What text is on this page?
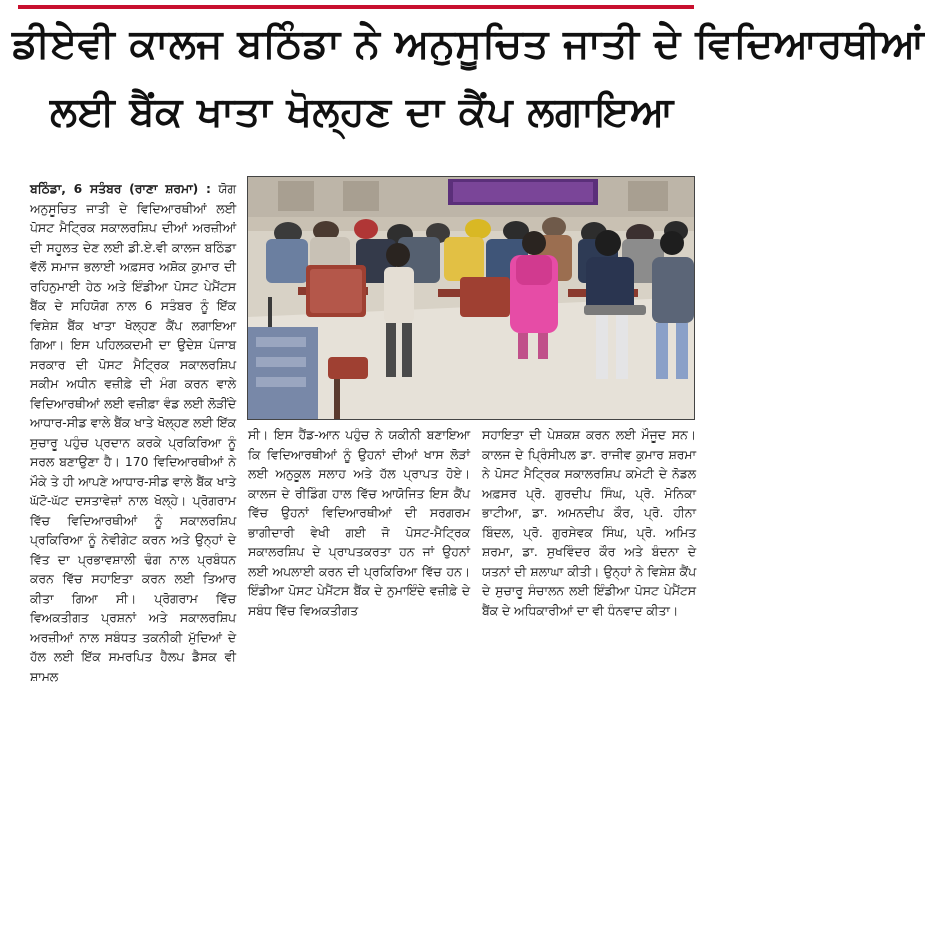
ਡੀਏਵੀ ਕਾਲਜ ਬਠਿੰਡਾ ਨੇ ਅਨੁਸੂਚਿਤ ਜਾਤੀ ਦੇ ਵਿਦਿਆਰਥੀਆਂ
ਲਈ ਬੈਂਕ ਖਾਤਾ ਖੋਲ੍ਹਣ ਦਾ ਕੈਂਪ ਲਗਾਇਆ

ਬਠਿੰਡਾ, 6 ਸਤੰਬਰ (ਰਾਣਾ ਸ਼ਰਮਾ) : ਯੋਗ ਅਨੁਸੂਚਿਤ ਜਾਤੀ ਦੇ ਵਿਦਿਆਰਥੀਆਂ ਲਈ ਪੋਸਟ ਮੈਟ੍ਰਿਕ ਸਕਾਲਰਸ਼ਿਪ ਦੀਆਂ ਅਰਜ਼ੀਆਂ ਦੀ ਸਹੂਲਤ ਦੇਣ ਲਈ ਡੀ.ਏ.ਵੀ ਕਾਲਜ ਬਠਿੰਡਾ ਵੱਲੋਂ ਸਮਾਜ ਭਲਾਈ ਅਫ਼ਸਰ ਅਸ਼ੋਕ ਕੁਮਾਰ ਦੀ ਰਹਿਨੁਮਾਈ ਹੇਠ ਅਤੇ ਇੰਡੀਆ ਪੋਸਟ ਪੇਮੈਂਟਸ ਬੈਂਕ ਦੇ ਸਹਿਯੋਗ ਨਾਲ 6 ਸਤੰਬਰ ਨੂੰ ਇੱਕ ਵਿਸ਼ੇਸ਼ ਬੈਂਕ ਖਾਤਾ ਖੋਲ੍ਹਣ ਕੈਂਪ ਲਗਾਇਆ ਗਿਆ। ਇਸ ਪਹਿਲਕਦਮੀ ਦਾ ਉਦੇਸ਼ ਪੰਜਾਬ ਸਰਕਾਰ ਦੀ ਪੋਸਟ ਮੈਟ੍ਰਿਕ ਸਕਾਲਰਸ਼ਿਪ ਸਕੀਮ ਅਧੀਨ ਵਜ਼ੀਫ਼ੇ ਦੀ ਮੰਗ ਕਰਨ ਵਾਲੇ ਵਿਦਿਆਰਥੀਆਂ ਲਈ ਵਜ਼ੀਫ਼ਾ ਵੰਡ ਲਈ ਲੋੜੀਂਦੇ ਆਧਾਰ-ਸੀਡ ਵਾਲੇ ਬੈਂਕ ਖਾਤੇ ਖੋਲ੍ਹਣ ਲਈ ਇੱਕ ਸੁਚਾਰੂ ਪਹੁੰਚ ਪ੍ਰਦਾਨ ਕਰਕੇ ਪ੍ਰਕਿਰਿਆ ਨੂੰ ਸਰਲ ਬਣਾਉਣਾ ਹੈ। 170 ਵਿਦਿਆਰਥੀਆਂ ਨੇ ਮੌਕੇ ਤੇ ਹੀ ਆਪਣੇ ਆਧਾਰ-ਸੀਡ ਵਾਲੇ ਬੈਂਕ ਖਾਤੇ ਘੱਟੋ-ਘੱਟ ਦਸਤਾਵੇਜ਼ਾਂ ਨਾਲ ਖੋਲ੍ਹੇ। ਪ੍ਰੋਗਰਾਮ ਵਿੱਚ ਵਿਦਿਆਰਥੀਆਂ ਨੂੰ ਸਕਾਲਰਸ਼ਿਪ ਪ੍ਰਕਿਰਿਆ ਨੂੰ ਨੇਵੀਗੇਟ ਕਰਨ ਅਤੇ ਉਨ੍ਹਾਂ ਦੇ ਵਿੱਤ ਦਾ ਪ੍ਰਭਾਵਸ਼ਾਲੀ ਢੰਗ ਨਾਲ ਪ੍ਰਬੰਧਨ ਕਰਨ ਵਿੱਚ ਸਹਾਇਤਾ ਕਰਨ ਲਈ ਤਿਆਰ ਕੀਤਾ ਗਿਆ ਸੀ। ਪ੍ਰੋਗਰਾਮ ਵਿੱਚ ਵਿਅਕਤੀਗਤ ਪ੍ਰਸ਼ਨਾਂ ਅਤੇ ਸਕਾਲਰਸ਼ਿਪ ਅਰਜ਼ੀਆਂ ਨਾਲ ਸਬੰਧਤ ਤਕਨੀਕੀ ਮੁੱਦਿਆਂ ਦੇ ਹੱਲ ਲਈ ਇੱਕ ਸਮਰਪਿਤ ਹੈਲਪ ਡੈਸਕ ਵੀ ਸ਼ਾਮਲ

ਸੀ। ਇਸ ਹੈਂਡ-ਆਨ ਪਹੁੰਚ ਨੇ ਯਕੀਨੀ ਬਣਾਇਆ ਕਿ ਵਿਦਿਆਰਥੀਆਂ ਨੂੰ ਉਹਨਾਂ ਦੀਆਂ ਖਾਸ ਲੋੜਾਂ ਲਈ ਅਨੁਕੂਲ ਸਲਾਹ ਅਤੇ ਹੱਲ ਪ੍ਰਾਪਤ ਹੋਏ। ਕਾਲਜ ਦੇ ਰੀਡਿੰਗ ਹਾਲ ਵਿੱਚ ਆਯੋਜਿਤ ਇਸ ਕੈਂਪ ਵਿੱਚ ਉਹਨਾਂ ਵਿਦਿਆਰਥੀਆਂ ਦੀ ਸਰਗਰਮ ਭਾਗੀਦਾਰੀ ਵੇਖੀ ਗਈ ਜੋ ਪੋਸਟ-ਮੈਟ੍ਰਿਕ ਸਕਾਲਰਸ਼ਿਪ ਦੇ ਪ੍ਰਾਪਤਕਰਤਾ ਹਨ ਜਾਂ ਉਹਨਾਂ ਲਈ ਅਪਲਾਈ ਕਰਨ ਦੀ ਪ੍ਰਕਿਰਿਆ ਵਿੱਚ ਹਨ। ਇੰਡੀਆ ਪੋਸਟ ਪੇਮੈਂਟਸ ਬੈਂਕ ਦੇ ਨੁਮਾਇੰਦੇ ਵਜ਼ੀਫ਼ੇ ਦੇ ਸਬੰਧ ਵਿੱਚ ਵਿਅਕਤੀਗਤ

ਸਹਾਇਤਾ ਦੀ ਪੇਸ਼ਕਸ਼ ਕਰਨ ਲਈ ਮੌਜੂਦ ਸਨ। ਕਾਲਜ ਦੇ ਪ੍ਰਿੰਸੀਪਲ ਡਾ. ਰਾਜੀਵ ਕੁਮਾਰ ਸ਼ਰਮਾ ਨੇ ਪੋਸਟ ਮੈਟ੍ਰਿਕ ਸਕਾਲਰਸ਼ਿਪ ਕਮੇਟੀ ਦੇ ਨੋਡਲ ਅਫ਼ਸਰ ਪ੍ਰੋ. ਗੁਰਦੀਪ ਸਿੰਘ, ਪ੍ਰੋ. ਮੋਨਿਕਾ ਭਾਟੀਆ, ਡਾ. ਅਮਨਦੀਪ ਕੌਰ, ਪ੍ਰੋ. ਹੀਨਾ ਬਿੰਦਲ, ਪ੍ਰੋ. ਗੁਰਸੇਵਕ ਸਿੰਘ, ਪ੍ਰੋ. ਅਮਿਤ ਸ਼ਰਮਾ, ਡਾ. ਸੁਖਵਿੰਦਰ ਕੌਰ ਅਤੇ ਬੰਦਨਾ ਦੇ ਯਤਨਾਂ ਦੀ ਸ਼ਲਾਘਾ ਕੀਤੀ। ਉਨ੍ਹਾਂ ਨੇ ਵਿਸ਼ੇਸ਼ ਕੈਂਪ ਦੇ ਸੁਚਾਰੂ ਸੰਚਾਲਨ ਲਈ ਇੰਡੀਆ ਪੋਸਟ ਪੇਮੈਂਟਸ ਬੈਂਕ ਦੇ ਅਧਿਕਾਰੀਆਂ ਦਾ ਵੀ ਧੰਨਵਾਦ ਕੀਤਾ।
